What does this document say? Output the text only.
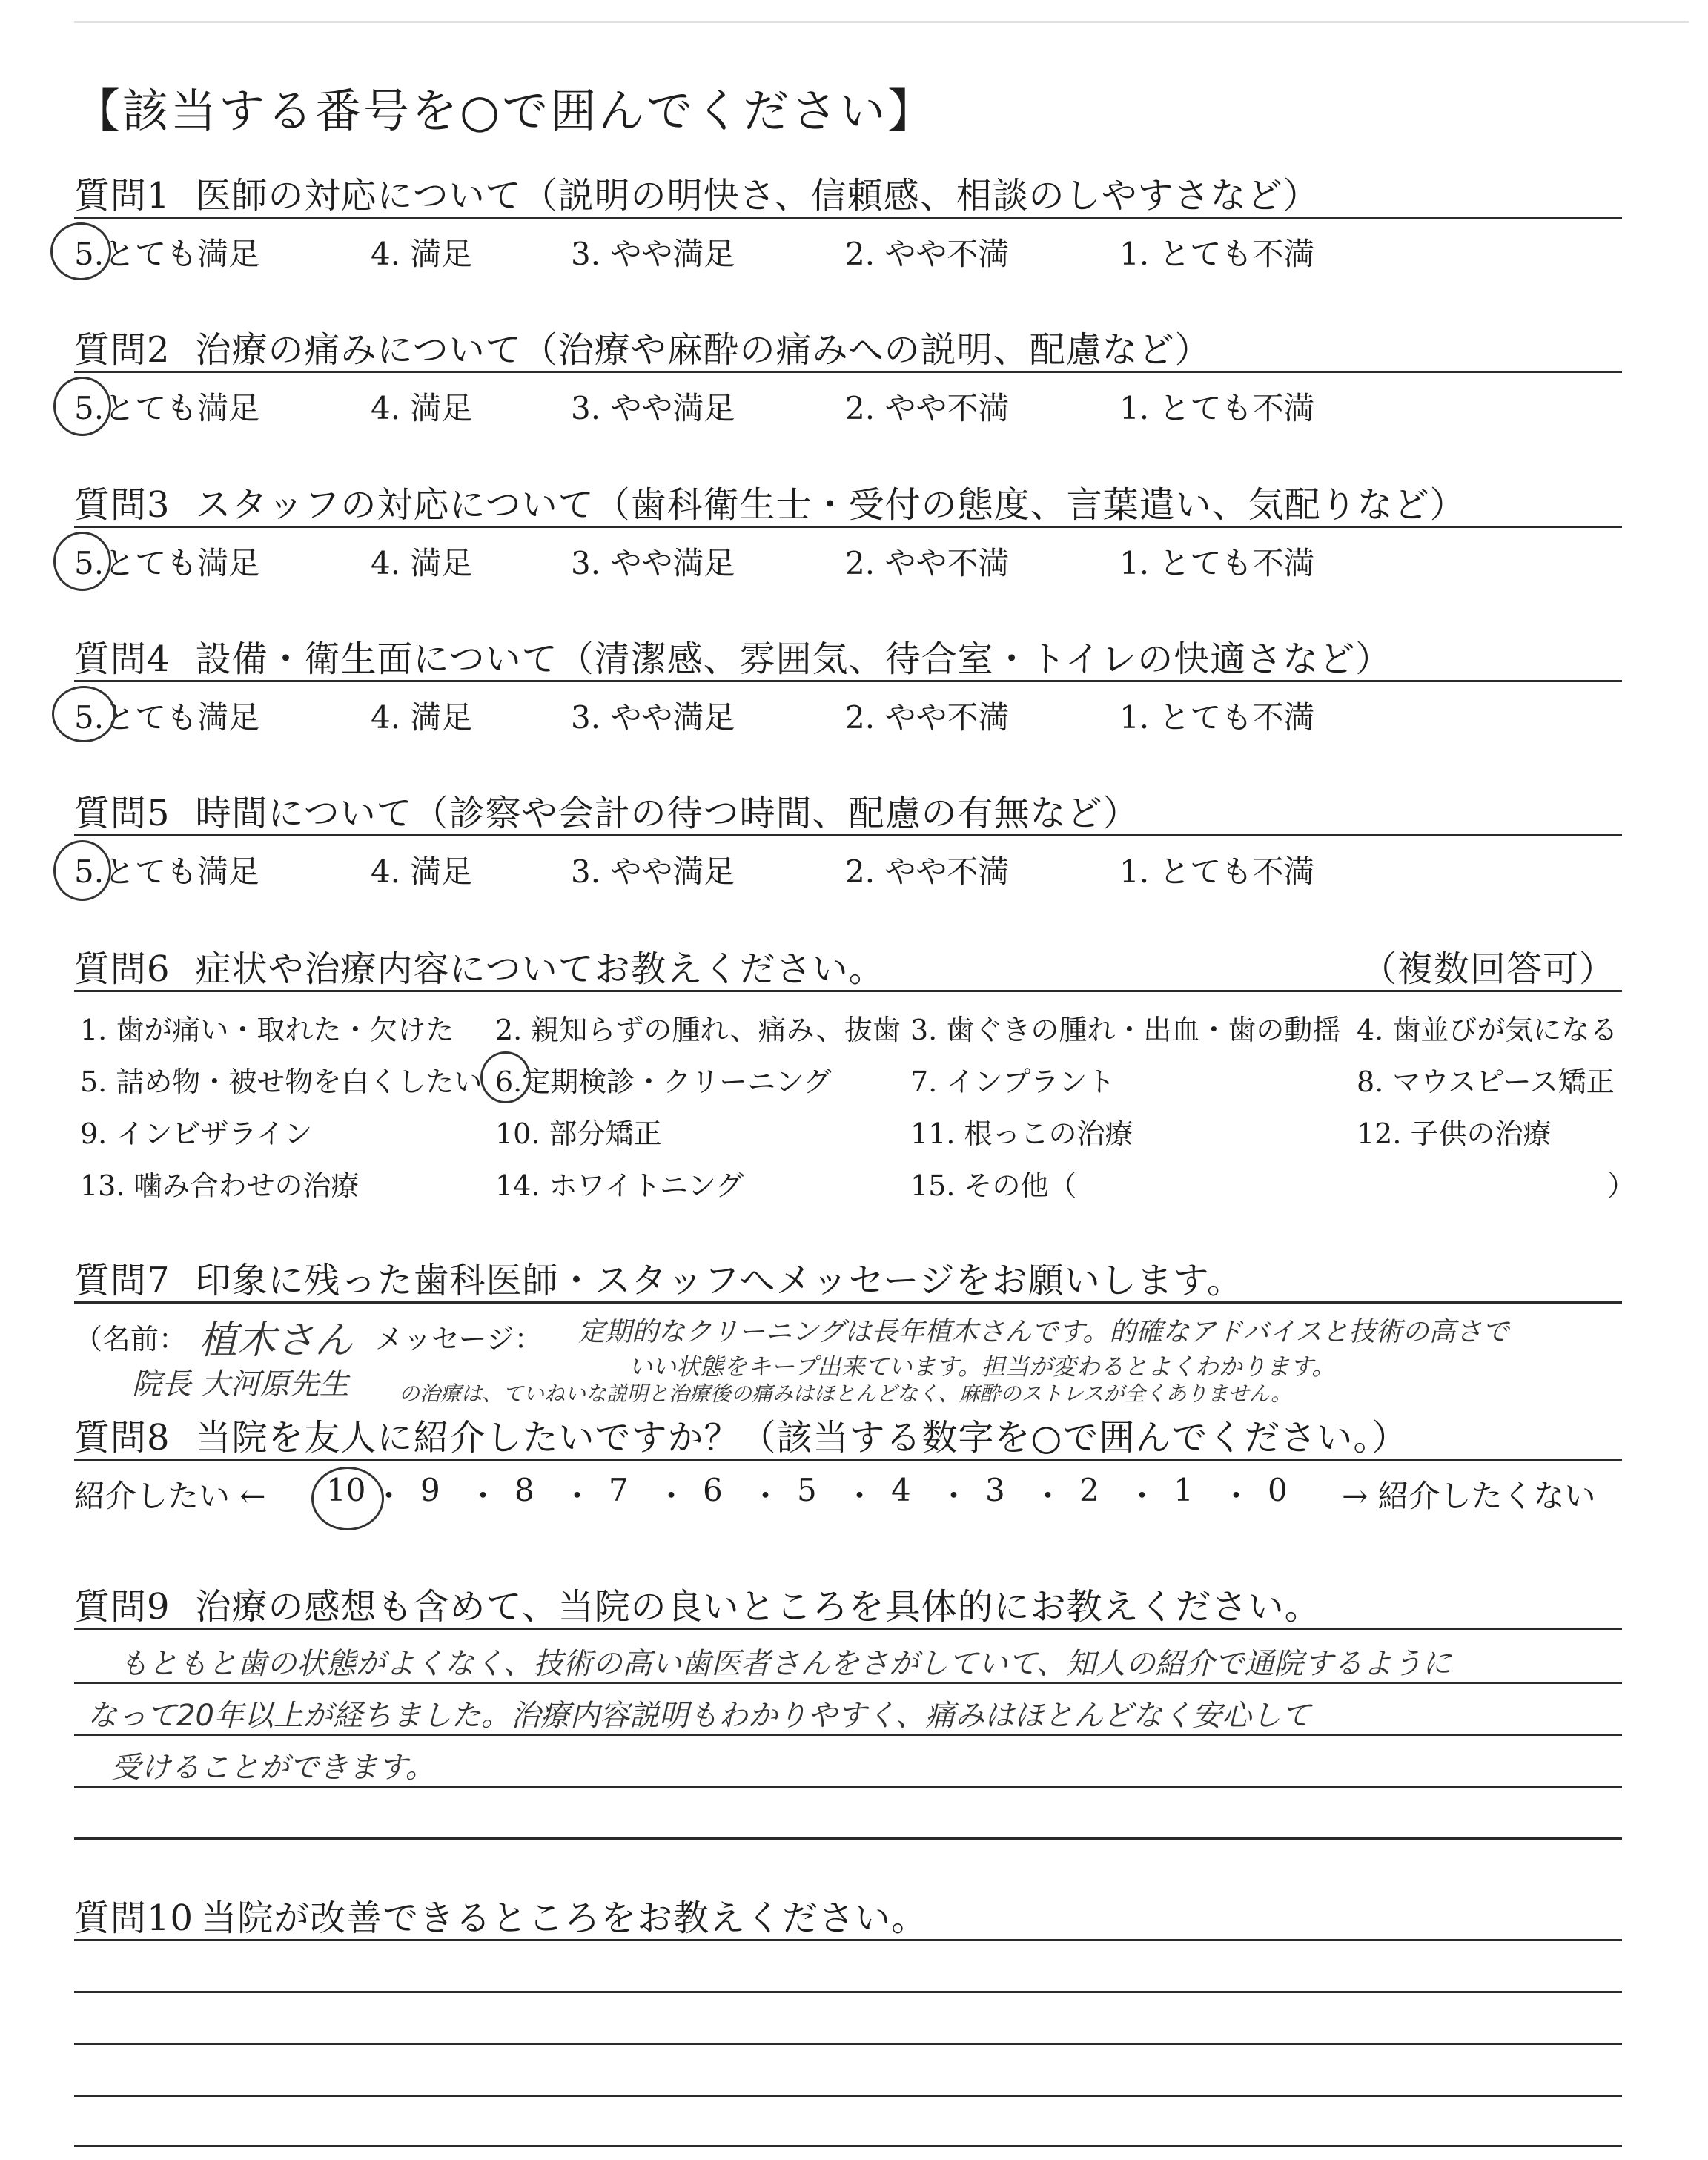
【該当する番号を○で囲んでください】
質問1 医師の対応について（説明の明快さ、信頼感、相談のしやすさなど）
5.とても満足	4. 満足	3. やや満足	2. やや不満	1. とても不満
質問2 治療の痛みについて（治療や麻酔の痛みへの説明、配慮など）
5.とても満足	4. 満足	3. やや満足	2. やや不満	1. とても不満
質問3 スタッフの対応について（歯科衛生士・受付の態度、言葉遣い、気配りなど）
5.とても満足	4. 満足	3. やや満足	2. やや不満	1. とても不満
質問4 設備・衛生面について（清潔感、雰囲気、待合室・トイレの快適さなど）
5.とても満足	4. 満足	3. やや満足	2. やや不満	1. とても不満
質問5 時間について（診察や会計の待つ時間、配慮の有無など）
5.とても満足	4. 満足	3. やや満足	2. やや不満	1. とても不満
質問6 症状や治療内容についてお教えください。	（複数回答可）
1. 歯が痛い・取れた・欠けた 2. 親知らずの腫れ、痛み、抜歯 3. 歯ぐきの腫れ・出血・歯の動揺 4. 歯並びが気になる
5. 詰め物・被せ物を白くしたい 6.定期検診・クリーニング	7. インプラント	8. マウスピース矯正
9. インビザライン	10. 部分矯正	11. 根っこの治療	12. 子供の治療
13. 噛み合わせの治療	14. ホワイトニング	15. その他（	）
質問7 印象に残った歯科医師・スタッフへメッセージをお願いします。
（名前： 植木さん メッセージ： 定期的なクリーニングは長年植木さんです。的確なアドバイスと技術の高さで
院長 大河原先生
いい状態をキープ出来ています。担当が変わるとよくわかります。
の治療は、ていねいな説明と治療後の痛みはほとんどなく、麻酔のストレスが全くありません。
質問8 当院を友人に紹介したいですか？（該当する数字を○で囲んでください。）
紹介したい ←	→ 紹介したくない
10 ・ 9 ・ 8 ・ 7 ・ 6 ・ 5 ・ 4 ・ 3 ・ 2 ・ 1 ・ 0
質問9 治療の感想も含めて、当院の良いところを具体的にお教えください。
もともと歯の状態がよくなく、技術の高い歯医者さんをさがしていて、知人の紹介で通院するように
なって20年以上が経ちました。治療内容説明もわかりやすく、痛みはほとんどなく安心して
受けることができます。
質問10 当院が改善できるところをお教えください。
